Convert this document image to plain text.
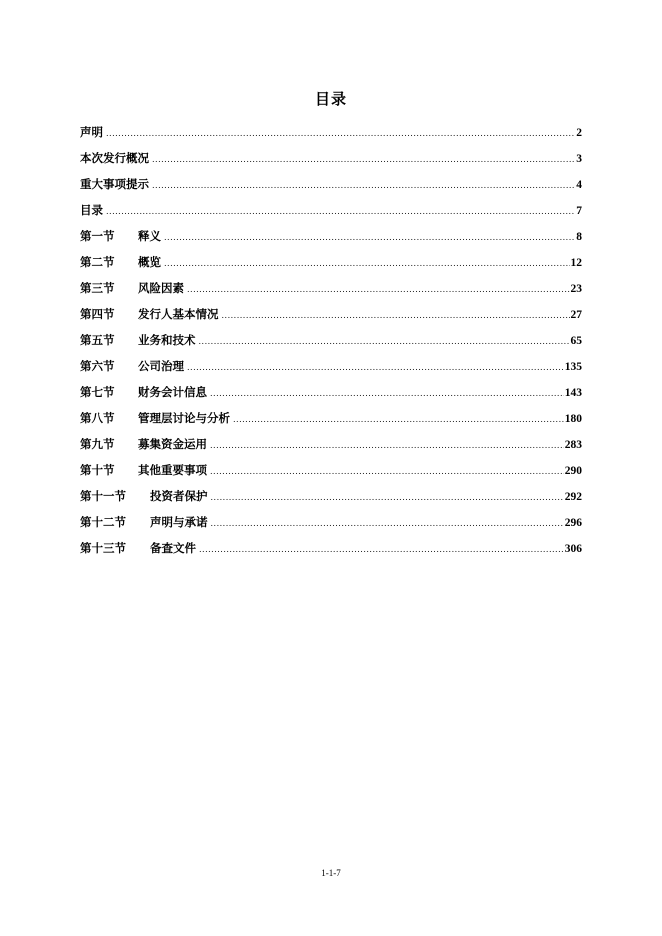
目录
声明 .....	2
本次发行概况 .....	3
重大事项提示 .....	4
目录 .....	7
第一节	释义 .....	8
第二节	概览 .....	12
第三节	风险因素 .....	23
第四节	发行人基本情况 .....	27
第五节	业务和技术 .....	65
第六节	公司治理 .....	135
第七节	财务会计信息 .....	143
第八节	管理层讨论与分析 .....	180
第九节	募集资金运用 .....	283
第十节	其他重要事项 .....	290
第十一节	投资者保护 .....	292
第十二节	声明与承诺 .....	296
第十三节	备查文件 .....	306
1-1-7
